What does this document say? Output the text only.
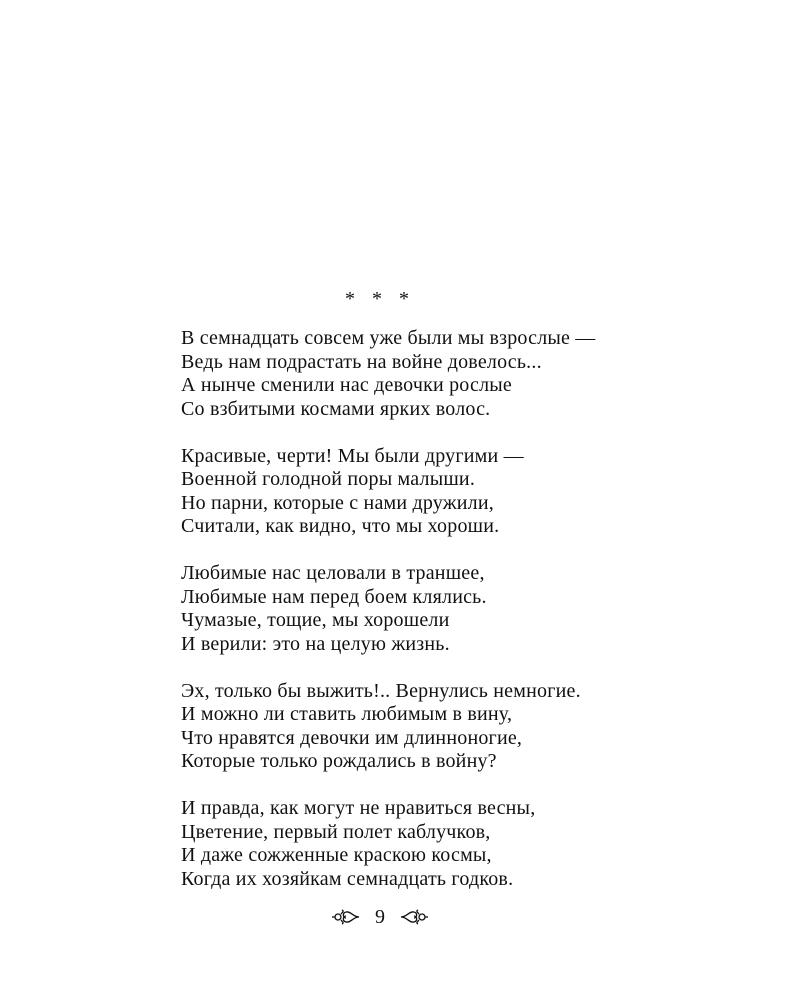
* * *
В семнадцать совсем уже были мы взрослые —
Ведь нам подрастать на войне довелось...
А нынче сменили нас девочки рослые
Со взбитыми космами ярких волос.
Красивые, черти! Мы были другими —
Военной голодной поры малыши.
Но парни, которые с нами дружили,
Считали, как видно, что мы хороши.
Любимые нас целовали в траншее,
Любимые нам перед боем клялись.
Чумазые, тощие, мы хорошели
И верили: это на целую жизнь.
Эх, только бы выжить!.. Вернулись немногие.
И можно ли ставить любимым в вину,
Что нравятся девочки им длинноногие,
Которые только рождались в войну?
И правда, как могут не нравиться весны,
Цветение, первый полет каблучков,
И даже сожженные краскою космы,
Когда их хозяйкам семнадцать годков.
9
